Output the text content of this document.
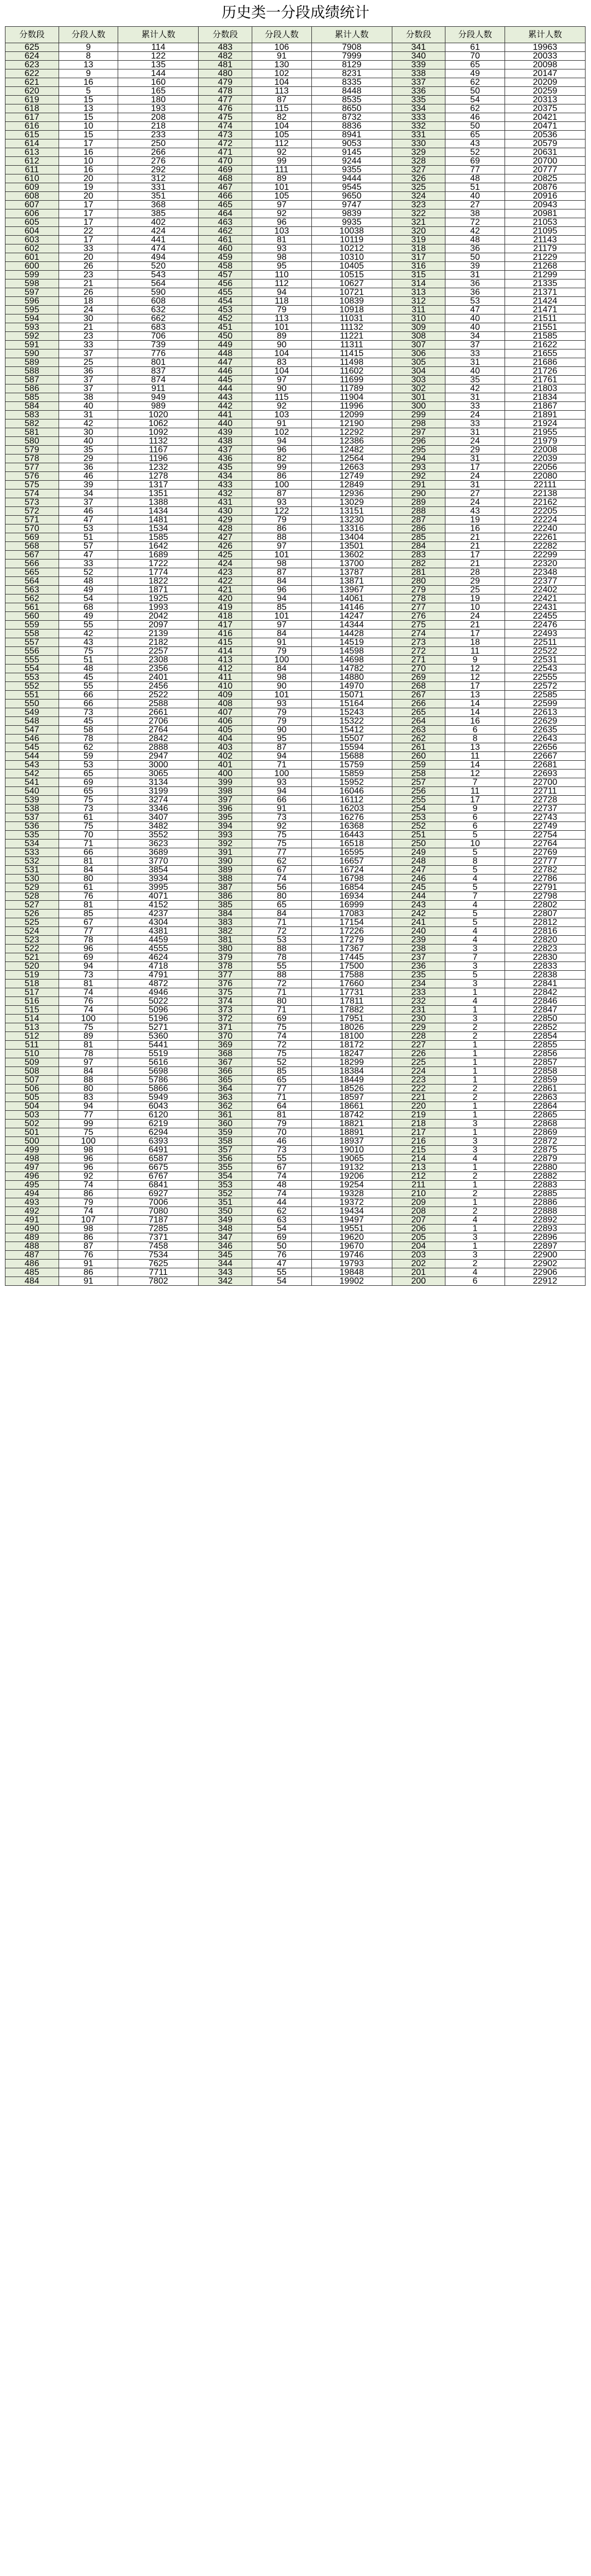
历史类一分段成绩统计
分数段	分段人数	累计人数	分数段	分段人数	累计人数	分数段	分段人数	累计人数
625	9	114	483	106	7908	341	61	19963
624	8	122	482	91	7999	340	70	20033
623	13	135	481	130	8129	339	65	20098
622	9	144	480	102	8231	338	49	20147
621	16	160	479	104	8335	337	62	20209
620	5	165	478	113	8448	336	50	20259
619	15	180	477	87	8535	335	54	20313
618	13	193	476	115	8650	334	62	20375
617	15	208	475	82	8732	333	46	20421
616	10	218	474	104	8836	332	50	20471
615	15	233	473	105	8941	331	65	20536
614	17	250	472	112	9053	330	43	20579
613	16	266	471	92	9145	329	52	20631
612	10	276	470	99	9244	328	69	20700
611	16	292	469	111	9355	327	77	20777
610	20	312	468	89	9444	326	48	20825
609	19	331	467	101	9545	325	51	20876
608	20	351	466	105	9650	324	40	20916
607	17	368	465	97	9747	323	27	20943
606	17	385	464	92	9839	322	38	20981
605	17	402	463	96	9935	321	72	21053
604	22	424	462	103	10038	320	42	21095
603	17	441	461	81	10119	319	48	21143
602	33	474	460	93	10212	318	36	21179
601	20	494	459	98	10310	317	50	21229
600	26	520	458	95	10405	316	39	21268
599	23	543	457	110	10515	315	31	21299
598	21	564	456	112	10627	314	36	21335
597	26	590	455	94	10721	313	36	21371
596	18	608	454	118	10839	312	53	21424
595	24	632	453	79	10918	311	47	21471
594	30	662	452	113	11031	310	40	21511
593	21	683	451	101	11132	309	40	21551
592	23	706	450	89	11221	308	34	21585
591	33	739	449	90	11311	307	37	21622
590	37	776	448	104	11415	306	33	21655
589	25	801	447	83	11498	305	31	21686
588	36	837	446	104	11602	304	40	21726
587	37	874	445	97	11699	303	35	21761
586	37	911	444	90	11789	302	42	21803
585	38	949	443	115	11904	301	31	21834
584	40	989	442	92	11996	300	33	21867
583	31	1020	441	103	12099	299	24	21891
582	42	1062	440	91	12190	298	33	21924
581	30	1092	439	102	12292	297	31	21955
580	40	1132	438	94	12386	296	24	21979
579	35	1167	437	96	12482	295	29	22008
578	29	1196	436	82	12564	294	31	22039
577	36	1232	435	99	12663	293	17	22056
576	46	1278	434	86	12749	292	24	22080
575	39	1317	433	100	12849	291	31	22111
574	34	1351	432	87	12936	290	27	22138
573	37	1388	431	93	13029	289	24	22162
572	46	1434	430	122	13151	288	43	22205
571	47	1481	429	79	13230	287	19	22224
570	53	1534	428	86	13316	286	16	22240
569	51	1585	427	88	13404	285	21	22261
568	57	1642	426	97	13501	284	21	22282
567	47	1689	425	101	13602	283	17	22299
566	33	1722	424	98	13700	282	21	22320
565	52	1774	423	87	13787	281	28	22348
564	48	1822	422	84	13871	280	29	22377
563	49	1871	421	96	13967	279	25	22402
562	54	1925	420	94	14061	278	19	22421
561	68	1993	419	85	14146	277	10	22431
560	49	2042	418	101	14247	276	24	22455
559	55	2097	417	97	14344	275	21	22476
558	42	2139	416	84	14428	274	17	22493
557	43	2182	415	91	14519	273	18	22511
556	75	2257	414	79	14598	272	11	22522
555	51	2308	413	100	14698	271	9	22531
554	48	2356	412	84	14782	270	12	22543
553	45	2401	411	98	14880	269	12	22555
552	55	2456	410	90	14970	268	17	22572
551	66	2522	409	101	15071	267	13	22585
550	66	2588	408	93	15164	266	14	22599
549	73	2661	407	79	15243	265	14	22613
548	45	2706	406	79	15322	264	16	22629
547	58	2764	405	90	15412	263	6	22635
546	78	2842	404	95	15507	262	8	22643
545	62	2888	403	87	15594	261	13	22656
544	59	2947	402	94	15688	260	11	22667
543	53	3000	401	71	15759	259	14	22681
542	65	3065	400	100	15859	258	12	22693
541	69	3134	399	93	15952	257	7	22700
540	65	3199	398	94	16046	256	11	22711
539	75	3274	397	66	16112	255	17	22728
538	73	3346	396	91	16203	254	9	22737
537	61	3407	395	73	16276	253	6	22743
536	75	3482	394	92	16368	252	6	22749
535	70	3552	393	75	16443	251	5	22754
534	71	3623	392	75	16518	250	10	22764
533	66	3689	391	77	16595	249	5	22769
532	81	3770	390	62	16657	248	8	22777
531	84	3854	389	67	16724	247	5	22782
530	80	3934	388	74	16798	246	4	22786
529	61	3995	387	56	16854	245	5	22791
528	76	4071	386	80	16934	244	7	22798
527	81	4152	385	65	16999	243	4	22802
526	85	4237	384	84	17083	242	5	22807
525	67	4304	383	71	17154	241	5	22812
524	77	4381	382	72	17226	240	4	22816
523	78	4459	381	53	17279	239	4	22820
522	96	4555	380	88	17367	238	3	22823
521	69	4624	379	78	17445	237	7	22830
520	94	4718	378	55	17500	236	3	22833
519	73	4791	377	88	17588	235	5	22838
518	81	4872	376	72	17660	234	3	22841
517	74	4946	375	71	17731	233	1	22842
516	76	5022	374	80	17811	232	4	22846
515	74	5096	373	71	17882	231	1	22847
514	100	5196	372	69	17951	230	3	22850
513	75	5271	371	75	18026	229	2	22852
512	89	5360	370	74	18100	228	2	22854
511	81	5441	369	72	18172	227	1	22855
510	78	5519	368	75	18247	226	1	22856
509	97	5616	367	52	18299	225	1	22857
508	84	5698	366	85	18384	224	1	22858
507	88	5786	365	65	18449	223	1	22859
506	80	5866	364	77	18526	222	2	22861
505	83	5949	363	71	18597	221	2	22863
504	94	6043	362	64	18661	220	1	22864
503	77	6120	361	81	18742	219	1	22865
502	99	6219	360	79	18821	218	3	22868
501	75	6294	359	70	18891	217	1	22869
500	100	6393	358	46	18937	216	3	22872
499	98	6491	357	73	19010	215	3	22875
498	96	6587	356	55	19065	214	4	22879
497	96	6675	355	67	19132	213	1	22880
496	92	6767	354	74	19206	212	2	22882
495	74	6841	353	48	19254	211	1	22883
494	86	6927	352	74	19328	210	2	22885
493	79	7006	351	44	19372	209	1	22886
492	74	7080	350	62	19434	208	2	22888
491	107	7187	349	63	19497	207	4	22892
490	98	7285	348	54	19551	206	1	22893
489	86	7371	347	69	19620	205	3	22896
488	87	7458	346	50	19670	204	1	22897
487	76	7534	345	76	19746	203	3	22900
486	91	7625	344	47	19793	202	2	22902
485	86	7711	343	55	19848	201	4	22906
484	91	7802	342	54	19902	200	6	22912
